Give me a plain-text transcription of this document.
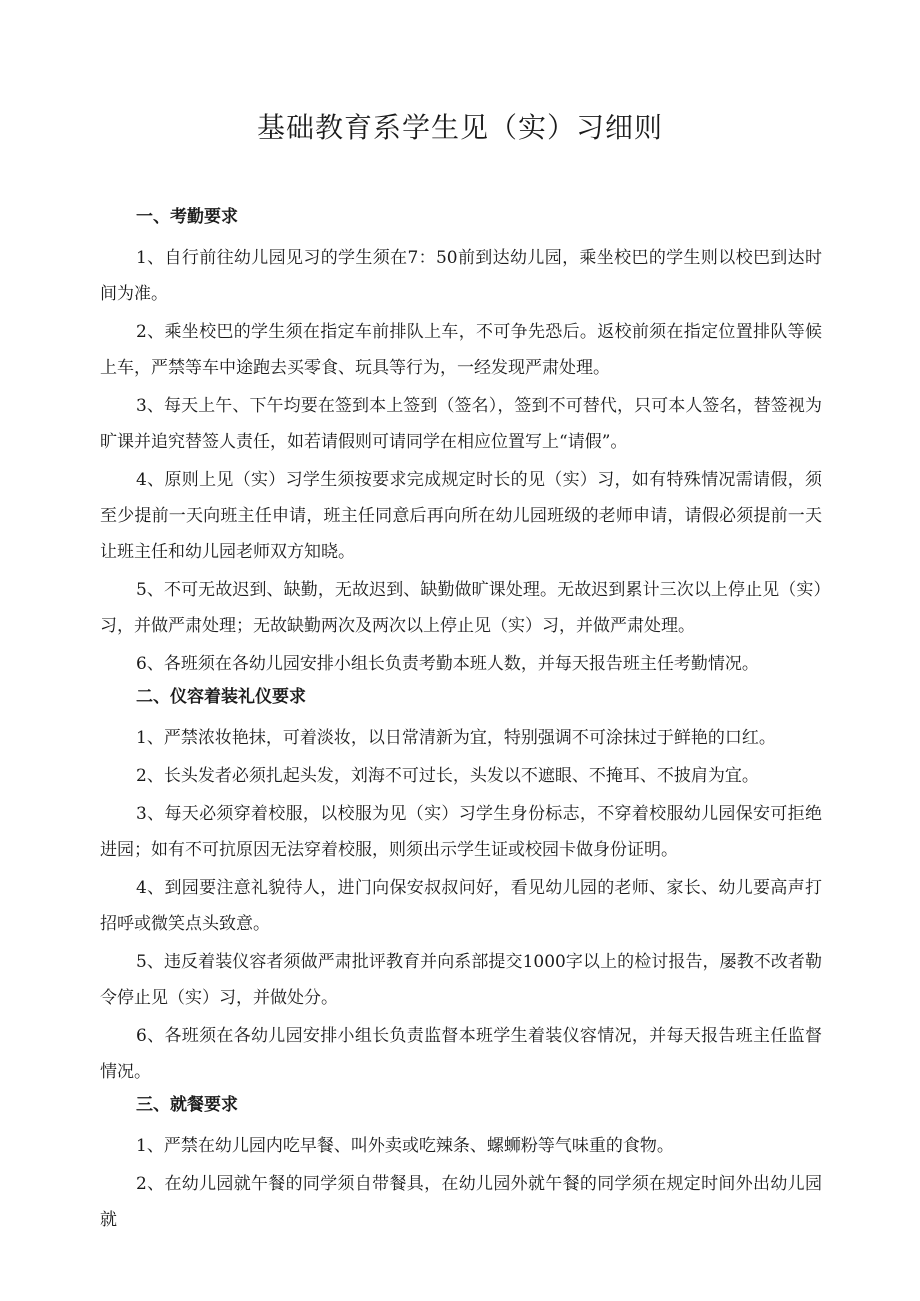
基础教育系学生见（实）习细则
一、考勤要求

1、自行前往幼儿园见习的学生须在7：50前到达幼儿园，乘坐校巴的学生则以校巴到达时间为准。

2、乘坐校巴的学生须在指定车前排队上车，不可争先恐后。返校前须在指定位置排队等候上车，严禁等车中途跑去买零食、玩具等行为，一经发现严肃处理。

3、每天上午、下午均要在签到本上签到（签名），签到不可替代，只可本人签名，替签视为旷课并追究替签人责任，如若请假则可请同学在相应位置写上“请假”。

4、原则上见（实）习学生须按要求完成规定时长的见（实）习，如有特殊情况需请假，须至少提前一天向班主任申请，班主任同意后再向所在幼儿园班级的老师申请，请假必须提前一天让班主任和幼儿园老师双方知晓。

5、不可无故迟到、缺勤，无故迟到、缺勤做旷课处理。无故迟到累计三次以上停止见（实）习，并做严肃处理；无故缺勤两次及两次以上停止见（实）习，并做严肃处理。

6、各班须在各幼儿园安排小组长负责考勤本班人数，并每天报告班主任考勤情况。

二、仪容着装礼仪要求

1、严禁浓妆艳抹，可着淡妆，以日常清新为宜，特别强调不可涂抹过于鲜艳的口红。

2、长头发者必须扎起头发，刘海不可过长，头发以不遮眼、不掩耳、不披肩为宜。

3、每天必须穿着校服，以校服为见（实）习学生身份标志，不穿着校服幼儿园保安可拒绝进园；如有不可抗原因无法穿着校服，则须出示学生证或校园卡做身份证明。

4、到园要注意礼貌待人，进门向保安叔叔问好，看见幼儿园的老师、家长、幼儿要高声打招呼或微笑点头致意。

5、违反着装仪容者须做严肃批评教育并向系部提交1000字以上的检讨报告，屡教不改者勒令停止见（实）习，并做处分。

6、各班须在各幼儿园安排小组长负责监督本班学生着装仪容情况，并每天报告班主任监督情况。

三、就餐要求

1、严禁在幼儿园内吃早餐、叫外卖或吃辣条、螺蛳粉等气味重的食物。

2、在幼儿园就午餐的同学须自带餐具，在幼儿园外就午餐的同学须在规定时间外出幼儿园就
